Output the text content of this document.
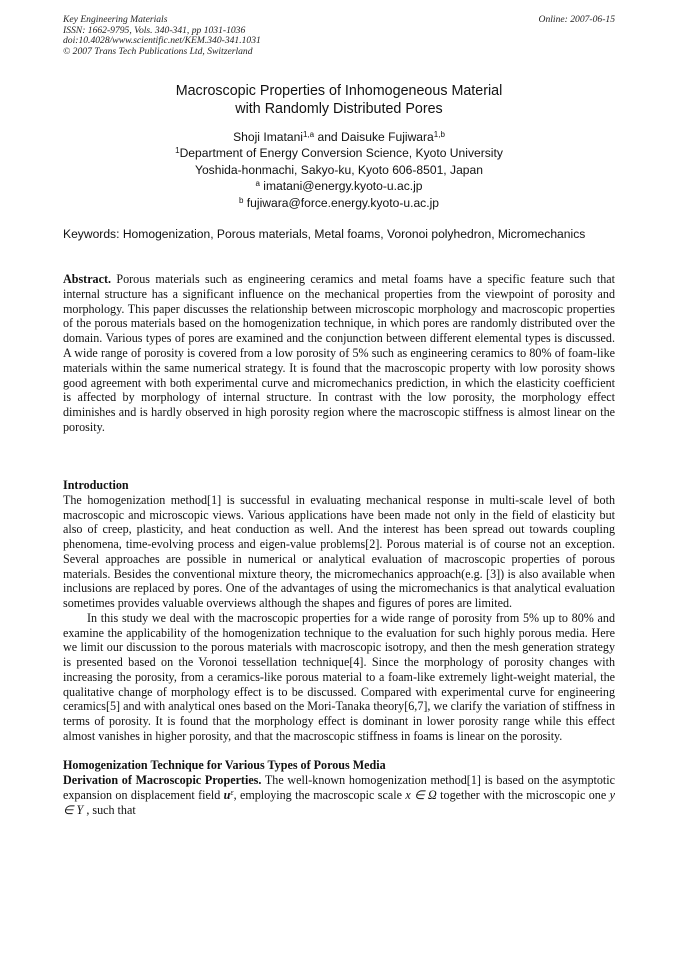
Key Engineering Materials
ISSN: 1662-9795, Vols. 340-341, pp 1031-1036
doi:10.4028/www.scientific.net/KEM.340-341.1031
© 2007 Trans Tech Publications Ltd, Switzerland
Online: 2007-06-15
Macroscopic Properties of Inhomogeneous Material
with Randomly Distributed Pores
Shoji Imatani$^{1,a}$ and Daisuke Fujiwara$^{1,b}$
$^1$Department of Energy Conversion Science, Kyoto University
Yoshida-honmachi, Sakyo-ku, Kyoto 606-8501, Japan
$^a$ imatani@energy.kyoto-u.ac.jp
$^b$ fujiwara@force.energy.kyoto-u.ac.jp
Keywords: Homogenization, Porous materials, Metal foams, Voronoi polyhedron, Micromechanics
Abstract. Porous materials such as engineering ceramics and metal foams have a specific feature such that internal structure has a significant influence on the mechanical properties from the viewpoint of porosity and morphology. This paper discusses the relationship between microscopic morphology and macroscopic properties of the porous materials based on the homogenization technique, in which pores are randomly distributed over the domain. Various types of pores are examined and the conjunction between different elemental types is discussed. A wide range of porosity is covered from a low porosity of 5% such as engineering ceramics to 80% of foam-like materials within the same numerical strategy. It is found that the macroscopic property with low porosity shows good agreement with both experimental curve and micromechanics prediction, in which the elasticity coefficient is affected by morphology of internal structure. In contrast with the low porosity, the morphology effect diminishes and is hardly observed in high porosity region where the macroscopic stiffness is almost linear on the porosity.

Introduction

The homogenization method[1] is successful in evaluating mechanical response in multi-scale level of both macroscopic and microscopic views. Various applications have been made not only in the field of elasticity but also of creep, plasticity, and heat conduction as well. And the interest has been spread out towards coupling phenomena, time-evolving process and eigen-value problems[2]. Porous material is of course not an exception. Several approaches are possible in numerical or analytical evaluation of macroscopic properties of porous materials. Besides the conventional mixture theory, the micromechanics approach(e.g. [3]) is also available when inclusions are replaced by pores. One of the advantages of using the micromechanics is that analytical evaluation sometimes provides valuable overviews although the shapes and figures of pores are limited.

In this study we deal with the macroscopic properties for a wide range of porosity from 5% up to 80% and examine the applicability of the homogenization technique to the evaluation for such highly porous media. Here we limit our discussion to the porous materials with macroscopic isotropy, and then the mesh generation strategy is presented based on the Voronoi tessellation technique[4]. Since the morphology of porosity changes with increasing the porosity, from a ceramics-like porous material to a foam-like extremely light-weight material, the qualitative change of morphology effect is to be discussed. Compared with experimental curve for engineering ceramics[5] and with analytical ones based on the Mori-Tanaka theory[6,7], we clarify the variation of stiffness in terms of porosity. It is found that the morphology effect is dominant in lower porosity range while this effect almost vanishes in higher porosity, and that the macroscopic stiffness in foams is linear on the porosity.

Homogenization Technique for Various Types of Porous Media

Derivation of Macroscopic Properties. The well-known homogenization method[1] is based on the asymptotic expansion on displacement field $u^\varepsilon$, employing the macroscopic scale x ∈ Ω together with the microscopic one y ∈ Y , such that
